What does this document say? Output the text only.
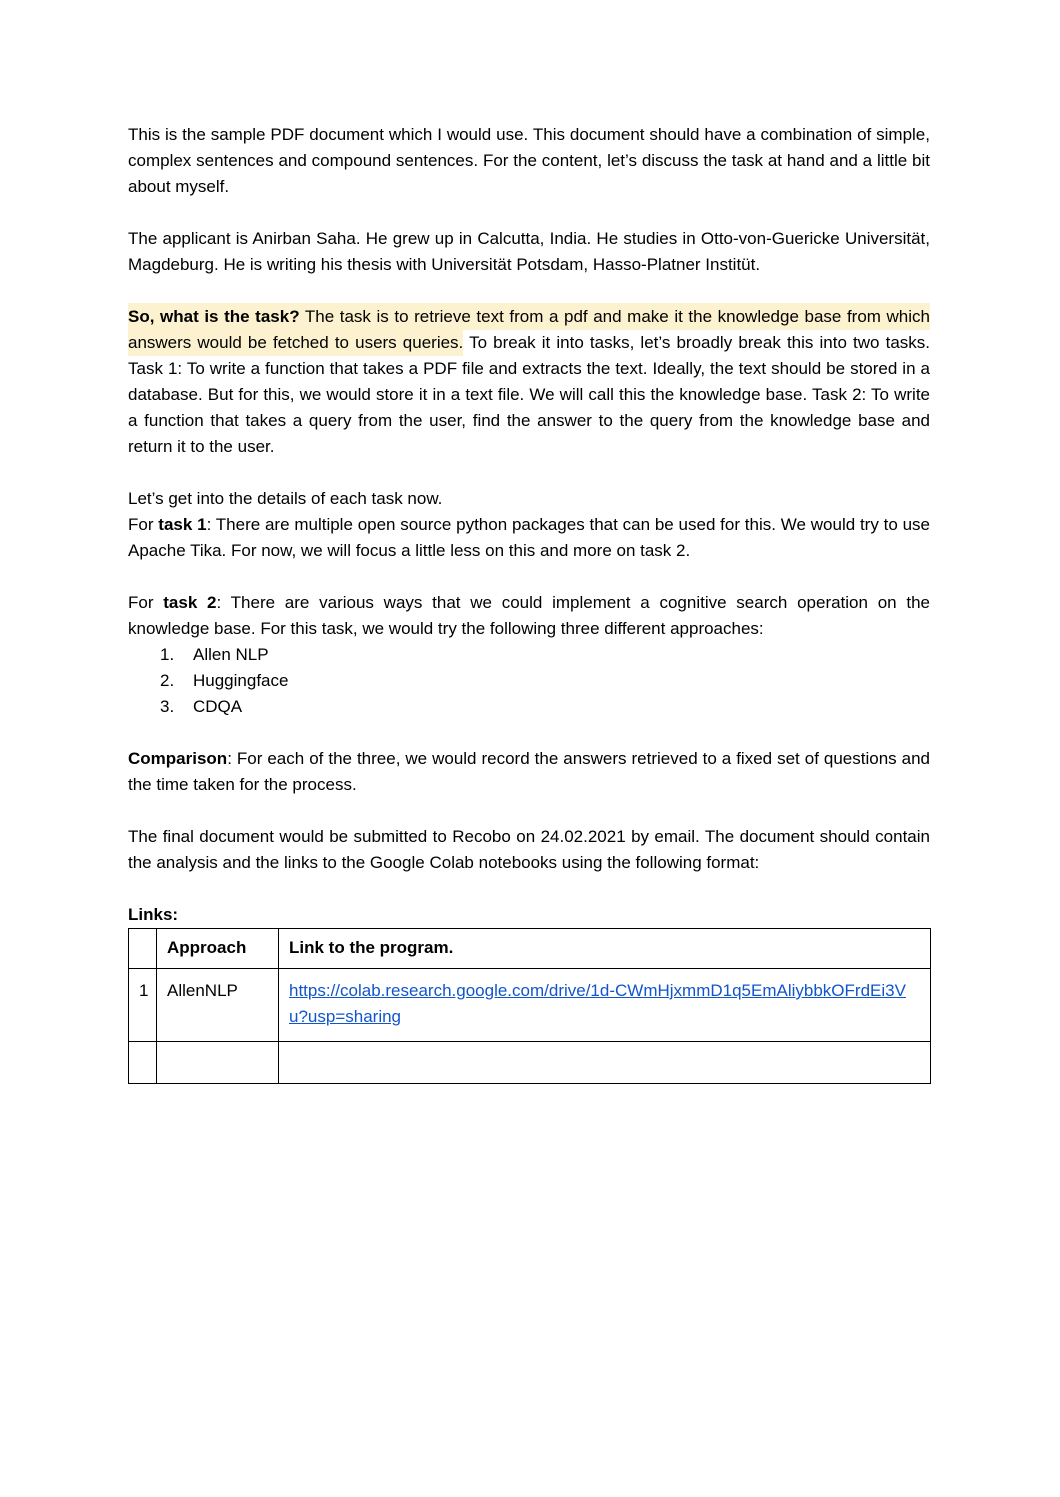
This is the sample PDF document which I would use. This document should have a combination of simple, complex sentences and compound sentences. For the content, let’s discuss the task at hand and a little bit about myself.

The applicant is Anirban Saha. He grew up in Calcutta, India. He studies in Otto-von-Guericke Universität, Magdeburg. He is writing his thesis with Universität Potsdam, Hasso-Platner Institüt.

So, what is the task? The task is to retrieve text from a pdf and make it the knowledge base from which answers would be fetched to users queries. To break it into tasks, let’s broadly break this into two tasks. Task 1: To write a function that takes a PDF file and extracts the text. Ideally, the text should be stored in a database. But for this, we would store it in a text file. We will call this the knowledge base. Task 2: To write a function that takes a query from the user, find the answer to the query from the knowledge base and return it to the user.

Let’s get into the details of each task now.
For task 1: There are multiple open source python packages that can be used for this. We would try to use Apache Tika. For now, we will focus a little less on this and more on task 2.

For task 2: There are various ways that we could implement a cognitive search operation on the knowledge base. For this task, we would try the following three different approaches:

1.	Allen NLP
2.	Huggingface
3.	CDQA

Comparison: For each of the three, we would record the answers retrieved to a fixed set of questions and the time taken for the process.

The final document would be submitted to Recobo on 24.02.2021 by email. The document should contain the analysis and the links to the Google Colab notebooks using the following format:

Links:

	Approach	Link to the program.
1	AllenNLP	https://colab.research.google.com/drive/1d-CWmHjxmmD1q5EmAliybbkOFrdEi3Vu?usp=sharing
